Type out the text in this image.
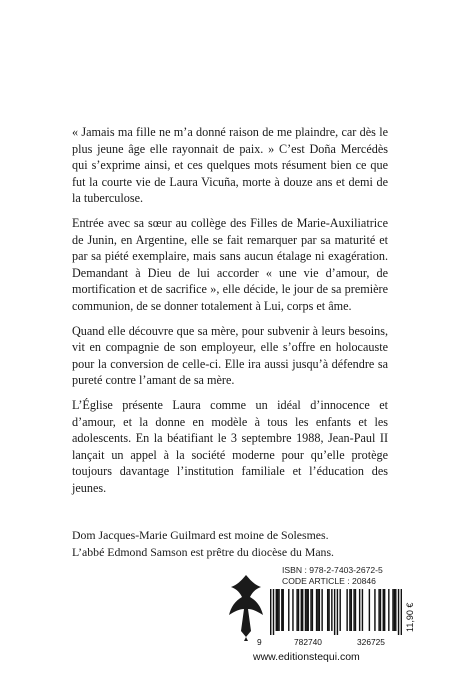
« Jamais ma fille ne m’a donné raison de me plaindre, car dès le plus jeune âge elle rayonnait de paix. » C’est Doña Mercédès qui s’exprime ainsi, et ces quelques mots résument bien ce que fut la courte vie de Laura Vicuña, morte à douze ans et demi de la tuberculose.

Entrée avec sa sœur au collège des Filles de Marie-Auxiliatrice de Junin, en Argentine, elle se fait remarquer par sa maturité et par sa piété exemplaire, mais sans aucun étalage ni exagération. Demandant à Dieu de lui accorder « une vie d’amour, de mortification et de sacrifice », elle décide, le jour de sa première communion, de se donner totalement à Lui, corps et âme.

Quand elle découvre que sa mère, pour subvenir à leurs besoins, vit en compagnie de son employeur, elle s’offre en holocauste pour la conversion de celle-ci. Elle ira aussi jusqu’à défendre sa pureté contre l’amant de sa mère.

L’Église présente Laura comme un idéal d’innocence et d’amour, et la donne en modèle à tous les enfants et les adolescents. En la béatifiant le 3 septembre 1988, Jean-Paul II lançait un appel à la société moderne pour qu’elle protège toujours davantage l’institution familiale et l’éducation des jeunes.

Dom Jacques-Marie Guilmard est moine de Solesmes.
L’abbé Edmond Samson est prêtre du diocèse du Mans.
ISBN : 978-2-7403-2672-5
CODE ARTICLE : 20846
9	782740	326725
11,90 €
www.editionstequi.com
